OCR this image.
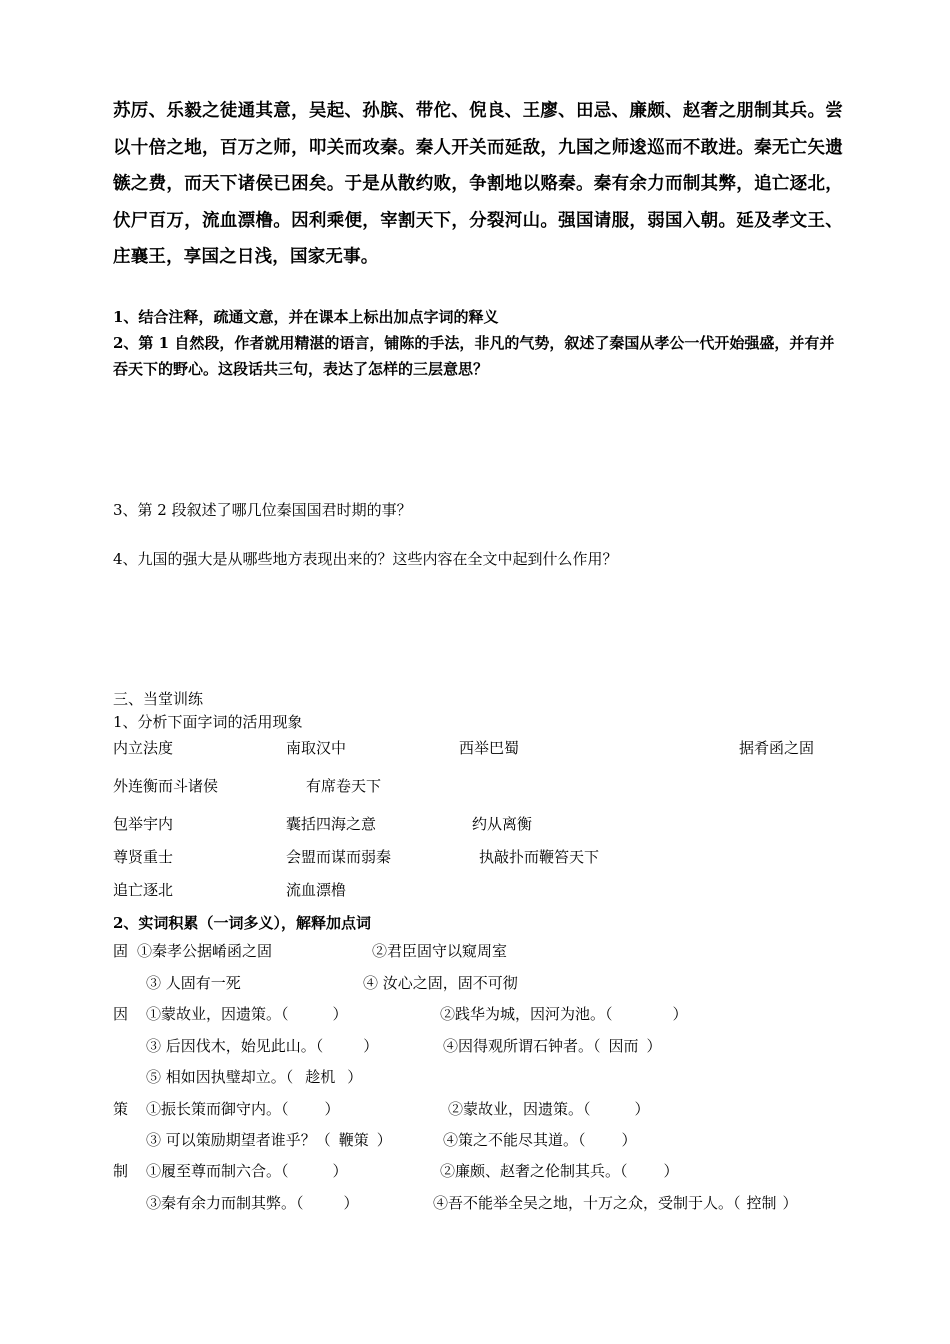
苏厉、乐毅之徒通其意，吴起、孙膑、带佗、倪良、王廖、田忌、廉颇、赵奢之朋制其兵。尝以十倍之地，百万之师，叩关而攻秦。秦人开关而延敌，九国之师逡巡而不敢进。秦无亡矢遗镞之费，而天下诸侯已困矣。于是从散约败，争割地以赂秦。秦有余力而制其弊，追亡逐北，伏尸百万，流血漂橹。因利乘便，宰割天下，分裂河山。强国请服，弱国入朝。延及孝文王、庄襄王，享国之日浅，国家无事。
1、结合注释，疏通文意，并在课本上标出加点字词的释义
2、第 1 自然段，作者就用精湛的语言，铺陈的手法，非凡的气势，叙述了秦国从孝公一代开始强盛，并有并吞天下的野心。这段话共三句，表达了怎样的三层意思？
3、第 2 段叙述了哪几位秦国国君时期的事？
4、九国的强大是从哪些地方表现出来的？这些内容在全文中起到什么作用？
三、当堂训练
1、分析下面字词的活用现象
内立法度	南取汉中	西举巴蜀	据肴函之固
外连衡而斗诸侯	有席卷天下
包举宇内	囊括四海之意	约从离衡
尊贤重士	会盟而谋而弱秦	执敲扑而鞭笞天下
追亡逐北	流血漂橹
2、实词积累（一词多义），解释加点词
固 ①秦孝公据崤函之固	②君臣固守以窥周室
③ 人固有一死	④ 汝心之固，固不可彻
因 ①蒙故业，因遗策。（	）	②践华为城，因河为池。（	）
③ 后因伐木，始见此山。（	）	④因得观所谓石钟者。（ 因而 ）
⑤ 相如因执璧却立。（ 趁机 ）
策 ①振长策而御守内。（ ）	②蒙故业，因遗策。（	）
③ 可以策励期望者谁乎？（ 鞭策 ）	④策之不能尽其道。（ ）
制 ①履至尊而制六合。（	）	②廉颇、赵奢之伦制其兵。（ ）
③秦有余力而制其弊。（	）	④吾不能举全吴之地，十万之众，受制于人。（ 控制 ）
